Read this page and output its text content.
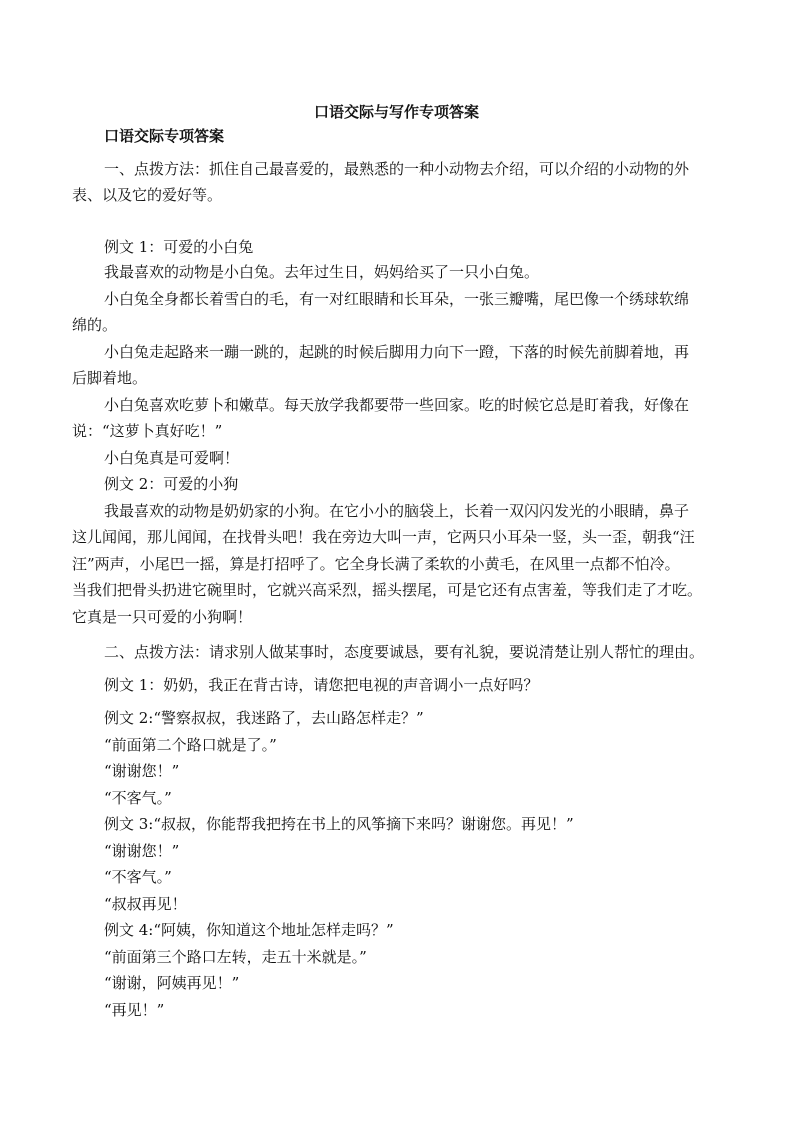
口语交际与写作专项答案
口语交际专项答案
一、点拨方法：抓住自己最喜爱的，最熟悉的一种小动物去介绍，可以介绍的小动物的外
表、以及它的爱好等。
例文 1：可爱的小白兔
我最喜欢的动物是小白兔。去年过生日，妈妈给买了一只小白兔。
小白兔全身都长着雪白的毛，有一对红眼睛和长耳朵，一张三瓣嘴，尾巴像一个绣球软绵
绵的。
小白兔走起路来一蹦一跳的，起跳的时候后脚用力向下一蹬，下落的时候先前脚着地，再
后脚着地。
小白兔喜欢吃萝卜和嫩草。每天放学我都要带一些回家。吃的时候它总是盯着我，好像在
说：“这萝卜真好吃！”
小白兔真是可爱啊！
例文 2：可爱的小狗
我最喜欢的动物是奶奶家的小狗。在它小小的脑袋上，长着一双闪闪发光的小眼睛，鼻子
这儿闻闻，那儿闻闻，在找骨头吧！我在旁边大叫一声，它两只小耳朵一竖，头一歪，朝我“汪
汪”两声，小尾巴一摇，算是打招呼了。它全身长满了柔软的小黄毛，在风里一点都不怕冷。
当我们把骨头扔进它碗里时，它就兴高采烈，摇头摆尾，可是它还有点害羞，等我们走了才吃。
它真是一只可爱的小狗啊！
二、点拨方法：请求别人做某事时，态度要诚恳，要有礼貌，要说清楚让别人帮忙的理由。
例文 1：奶奶，我正在背古诗，请您把电视的声音调小一点好吗？
例文 2:“警察叔叔，我迷路了，去山路怎样走？”
“前面第二个路口就是了。”
“谢谢您！”
“不客气。”
例文 3:“叔叔，你能帮我把挎在书上的风筝摘下来吗？谢谢您。再见！”
“谢谢您！”
“不客气。”
“叔叔再见！
例文 4:“阿姨，你知道这个地址怎样走吗？”
“前面第三个路口左转，走五十米就是。”
“谢谢，阿姨再见！”
“再见！”
